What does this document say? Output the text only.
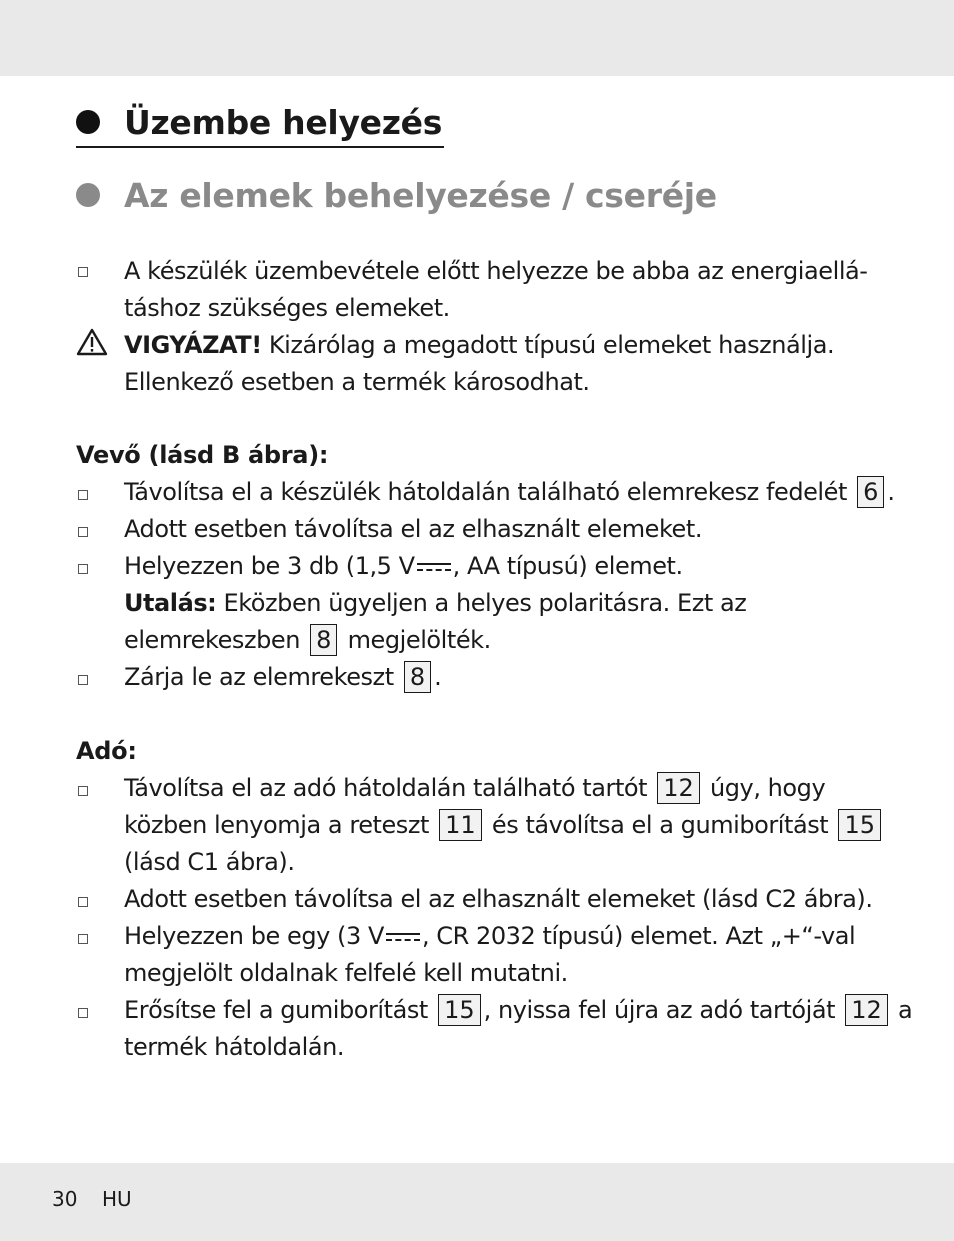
Üzembe helyezés
Az elemek behelyezése / cseréje
A készülék üzembevétele előtt helyezze be abba az energiaellá-
táshoz szükséges elemeket.
VIGYÁZAT! Kizárólag a megadott típusú elemeket használja.
Ellenkező esetben a termék károsodhat.
Vevő (lásd B ábra):
Távolítsa el a készülék hátoldalán található elemrekesz fedelét 6 .
Adott esetben távolítsa el az elhasznált elemeket.
Helyezzen be 3 db (1,5 V , AA típusú) elemet.
Utalás: Eközben ügyeljen a helyes polaritásra. Ezt az
elemrekeszben 8 megjelölték.
Zárja le az elemrekeszt 8 .
Adó:
Távolítsa el az adó hátoldalán található tartót 12 úgy, hogy
közben lenyomja a reteszt 11 és távolítsa el a gumiborítást 15
(lásd C1 ábra).
Adott esetben távolítsa el az elhasznált elemeket (lásd C2 ábra).
Helyezzen be egy (3 V , CR 2032 típusú) elemet. Azt „+“-val
megjelölt oldalnak felfelé kell mutatni.
Erősítse fel a gumiborítást 15 , nyissa fel újra az adó tartóját 12 a
termék hátoldalán.
30 HU
